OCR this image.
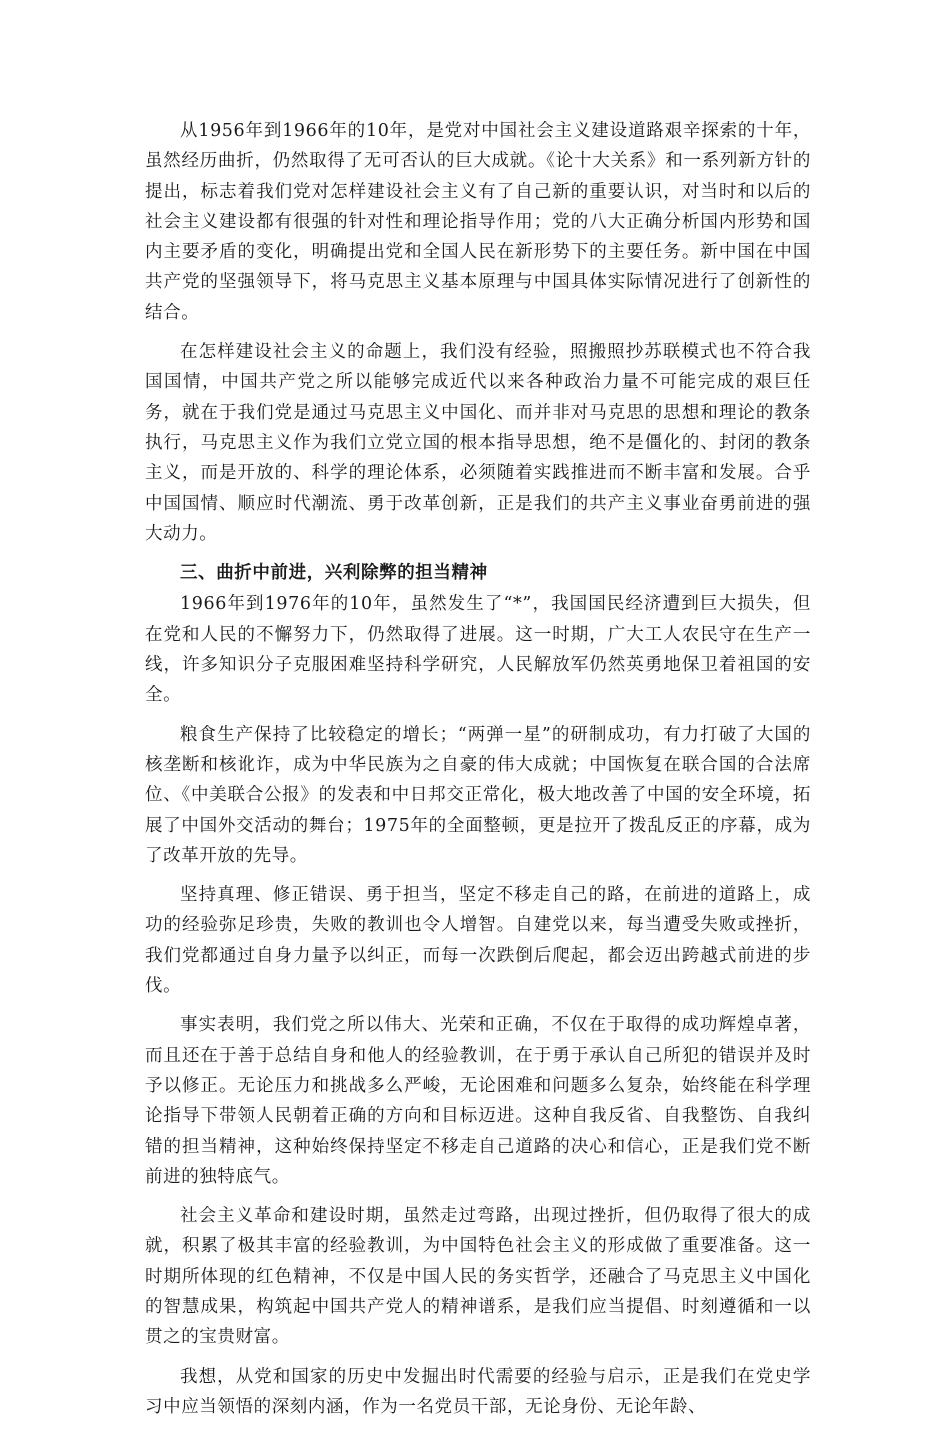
从1956年到1966年的10年，是党对中国社会主义建设道路艰辛探索的十年，虽然经历曲折，仍然取得了无可否认的巨大成就。《论十大关系》和一系列新方针的提出，标志着我们党对怎样建设社会主义有了自己新的重要认识，对当时和以后的社会主义建设都有很强的针对性和理论指导作用；党的八大正确分析国内形势和国内主要矛盾的变化，明确提出党和全国人民在新形势下的主要任务。新中国在中国共产党的坚强领导下，将马克思主义基本原理与中国具体实际情况进行了创新性的结合。

在怎样建设社会主义的命题上，我们没有经验，照搬照抄苏联模式也不符合我国国情，中国共产党之所以能够完成近代以来各种政治力量不可能完成的艰巨任务，就在于我们党是通过马克思主义中国化、而并非对马克思的思想和理论的教条执行，马克思主义作为我们立党立国的根本指导思想，绝不是僵化的、封闭的教条主义，而是开放的、科学的理论体系，必须随着实践推进而不断丰富和发展。合乎中国国情、顺应时代潮流、勇于改革创新，正是我们的共产主义事业奋勇前进的强大动力。

三、曲折中前进，兴利除弊的担当精神

1966年到1976年的10年，虽然发生了“*”，我国国民经济遭到巨大损失，但在党和人民的不懈努力下，仍然取得了进展。这一时期，广大工人农民守在生产一线，许多知识分子克服困难坚持科学研究，人民解放军仍然英勇地保卫着祖国的安全。

粮食生产保持了比较稳定的增长；“两弹一星”的研制成功，有力打破了大国的核垄断和核讹诈，成为中华民族为之自豪的伟大成就；中国恢复在联合国的合法席位、《中美联合公报》的发表和中日邦交正常化，极大地改善了中国的安全环境，拓展了中国外交活动的舞台；1975年的全面整顿，更是拉开了拨乱反正的序幕，成为了改革开放的先导。

坚持真理、修正错误、勇于担当，坚定不移走自己的路，在前进的道路上，成功的经验弥足珍贵，失败的教训也令人增智。自建党以来，每当遭受失败或挫折，我们党都通过自身力量予以纠正，而每一次跌倒后爬起，都会迈出跨越式前进的步伐。

事实表明，我们党之所以伟大、光荣和正确，不仅在于取得的成功辉煌卓著，而且还在于善于总结自身和他人的经验教训，在于勇于承认自己所犯的错误并及时予以修正。无论压力和挑战多么严峻，无论困难和问题多么复杂，始终能在科学理论指导下带领人民朝着正确的方向和目标迈进。这种自我反省、自我整饬、自我纠错的担当精神，这种始终保持坚定不移走自己道路的决心和信心，正是我们党不断前进的独特底气。

社会主义革命和建设时期，虽然走过弯路，出现过挫折，但仍取得了很大的成就，积累了极其丰富的经验教训，为中国特色社会主义的形成做了重要准备。这一时期所体现的红色精神，不仅是中国人民的务实哲学，还融合了马克思主义中国化的智慧成果，构筑起中国共产党人的精神谱系，是我们应当提倡、时刻遵循和一以贯之的宝贵财富。

我想，从党和国家的历史中发掘出时代需要的经验与启示，正是我们在党史学习中应当领悟的深刻内涵，作为一名党员干部，无论身份、无论年龄、
